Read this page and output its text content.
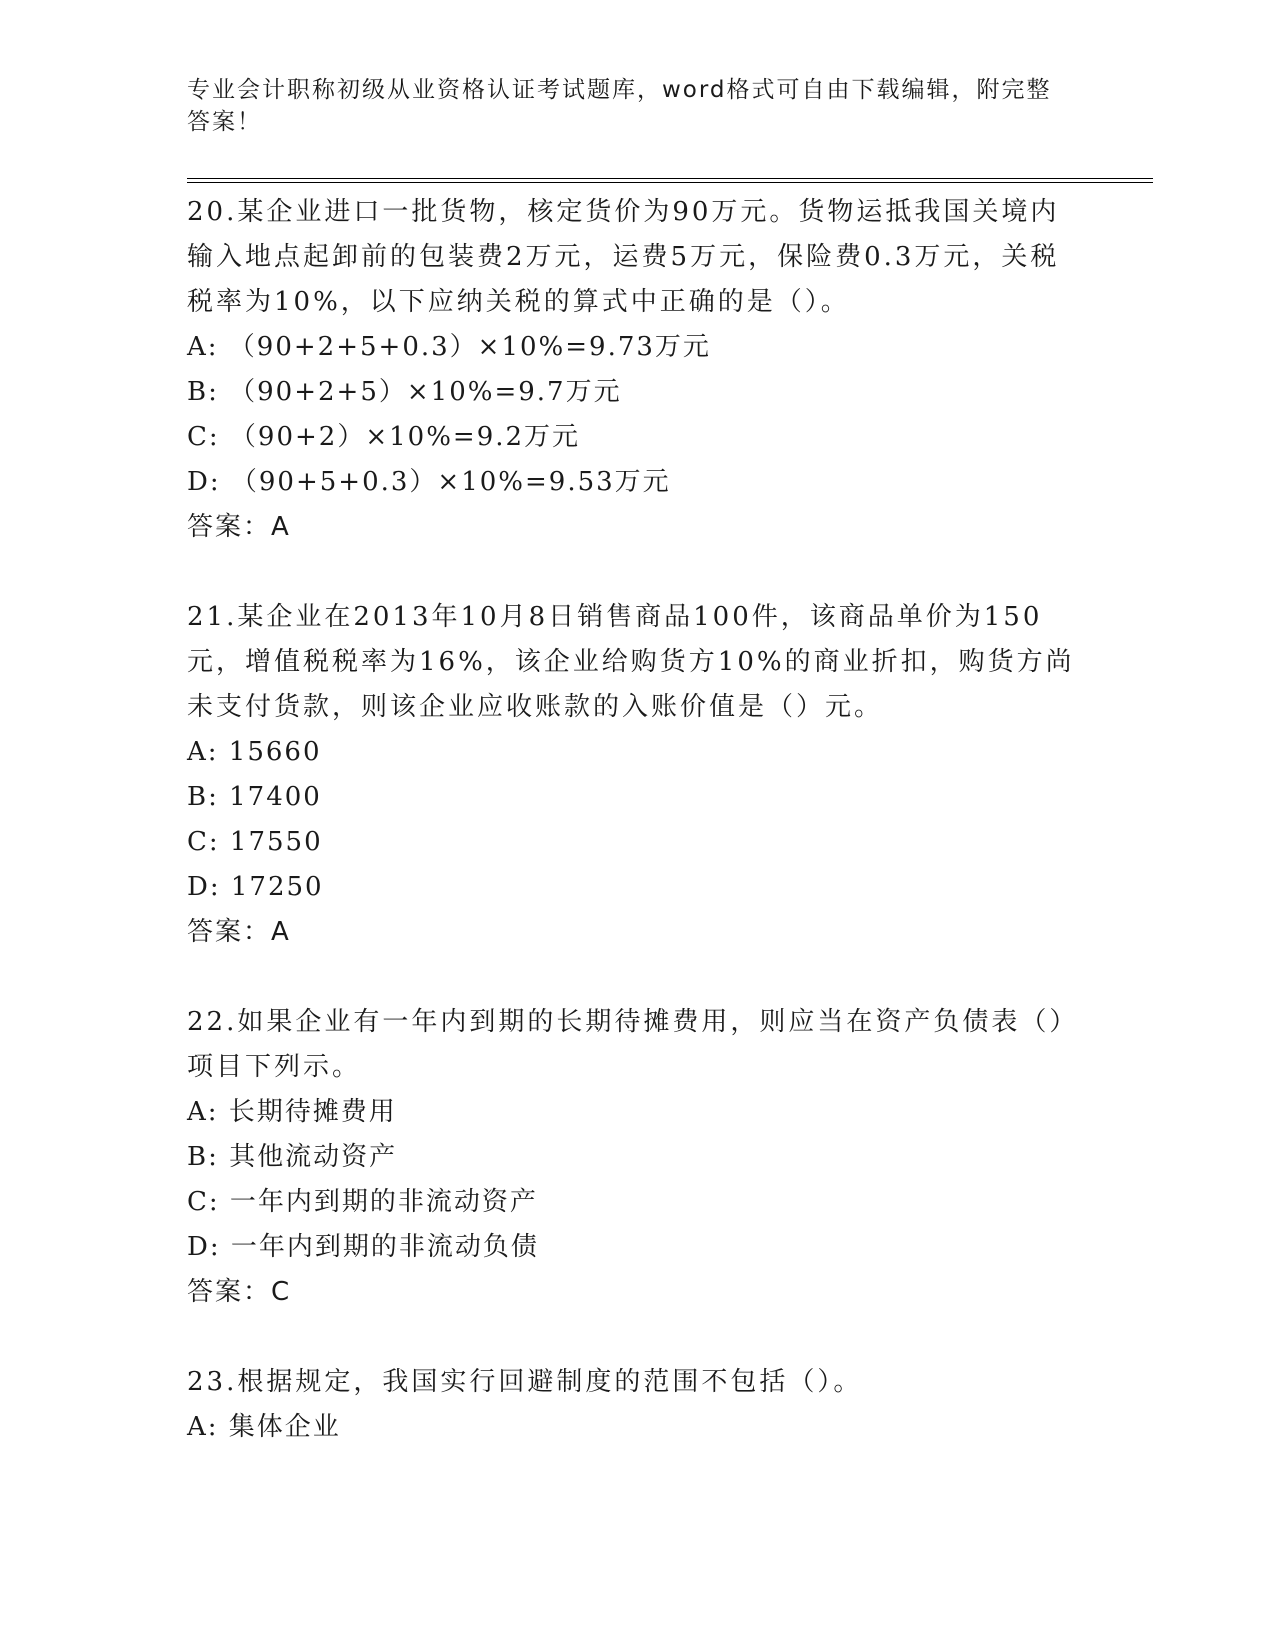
专业会计职称初级从业资格认证考试题库，word格式可自由下载编辑，附完整答案！

20.某企业进口一批货物，核定货价为90万元。货物运抵我国关境内输入地点起卸前的包装费2万元，运费5万元，保险费0.3万元，关税税率为10%，以下应纳关税的算式中正确的是（）。

A: （90+2+5+0.3）×10%=9.73万元

B: （90+2+5）×10%=9.7万元

C: （90+2）×10%=9.2万元

D: （90+5+0.3）×10%=9.53万元

答案：A

21.某企业在2013年10月8日销售商品100件，该商品单价为150元，增值税税率为16%，该企业给购货方10%的商业折扣，购货方尚未支付货款，则该企业应收账款的入账价值是（）元。

A: 15660

B: 17400

C: 17550

D: 17250

答案：A

22.如果企业有一年内到期的长期待摊费用，则应当在资产负债表（）项目下列示。

A: 长期待摊费用

B: 其他流动资产

C: 一年内到期的非流动资产

D: 一年内到期的非流动负债

答案：C

23.根据规定，我国实行回避制度的范围不包括（）。

A: 集体企业
